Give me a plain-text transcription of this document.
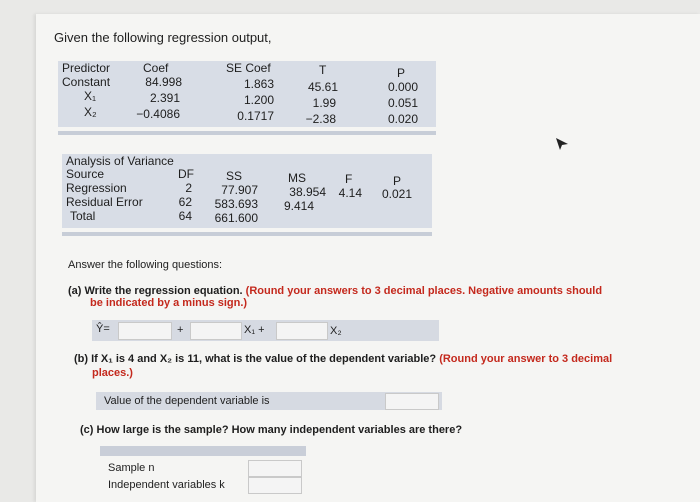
Given the following regression output,
Predictor	Coef	SE Coef	T	P
Constant	84.998	1.863	45.61	0.000
X₁	2.391	1.200	1.99	0.051
X₂	−0.4086	0.1717	−2.38	0.020
Analysis of Variance
Source	DF	SS	MS	F	P
Regression	2	77.907	38.954	4.14	0.021
Residual Error	62	583.693	9.414
Total	64	661.600
Answer the following questions:
(a) Write the regression equation. (Round your answers to 3 decimal places. Negative amounts should
be indicated by a minus sign.)
Ŷ=	+	X₁ +	X₂
(b) If X₁ is 4 and X₂ is 11, what is the value of the dependent variable? (Round your answer to 3 decimal
places.)
Value of the dependent variable is
(c) How large is the sample? How many independent variables are there?
Sample n
Independent variables k
